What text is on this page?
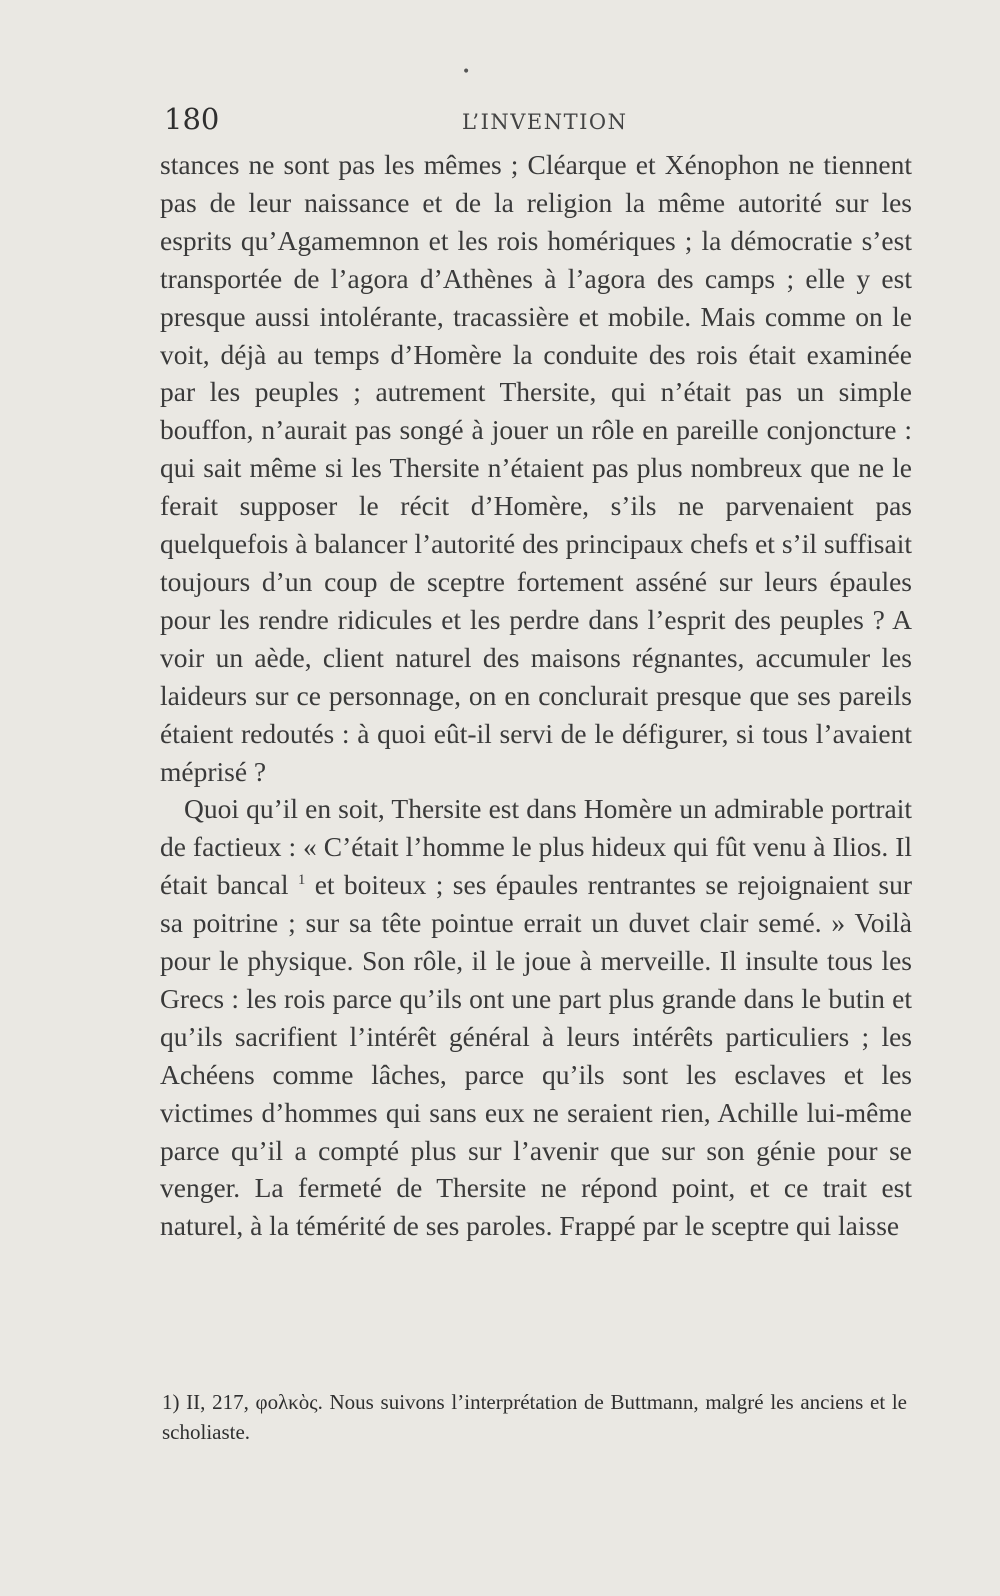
•
180	L’INVENTION

stances ne sont pas les mêmes ; Cléarque et Xénophon ne tiennent pas de leur naissance et de la religion la même autorité sur les esprits qu’Agamemnon et les rois homériques ; la démocratie s’est transportée de l’agora d’Athènes à l’agora des camps ; elle y est presque aussi intolérante, tracassière et mobile. Mais comme on le voit, déjà au temps d’Homère la conduite des rois était examinée par les peuples ; autrement Thersite, qui n’était pas un simple bouffon, n’aurait pas songé à jouer un rôle en pareille conjoncture : qui sait même si les Thersite n’étaient pas plus nombreux que ne le ferait supposer le récit d’Homère, s’ils ne parvenaient pas quelquefois à balancer l’autorité des principaux chefs et s’il suffisait toujours d’un coup de sceptre fortement asséné sur leurs épaules pour les rendre ridicules et les perdre dans l’esprit des peuples ? A voir un aède, client naturel des maisons régnantes, accumuler les laideurs sur ce personnage, on en conclurait presque que ses pareils étaient redoutés : à quoi eût-il servi de le défigurer, si tous l’avaient méprisé ?

Quoi qu’il en soit, Thersite est dans Homère un admirable portrait de factieux : « C’était l’homme le plus hideux qui fût venu à Ilios. Il était bancal $^1$ et boiteux ; ses épaules rentrantes se rejoignaient sur sa poitrine ; sur sa tête pointue errait un duvet clair semé. » Voilà pour le physique. Son rôle, il le joue à merveille. Il insulte tous les Grecs : les rois parce qu’ils ont une part plus grande dans le butin et qu’ils sacrifient l’intérêt général à leurs intérêts particuliers ; les Achéens comme lâches, parce qu’ils sont les esclaves et les victimes d’hommes qui sans eux ne seraient rien, Achille lui-même parce qu’il a compté plus sur l’avenir que sur son génie pour se venger. La fermeté de Thersite ne répond point, et ce trait est naturel, à la témérité de ses paroles. Frappé par le sceptre qui laisse

1) II, 217, φολκὸς. Nous suivons l’interprétation de Buttmann, malgré les anciens et le scholiaste.
